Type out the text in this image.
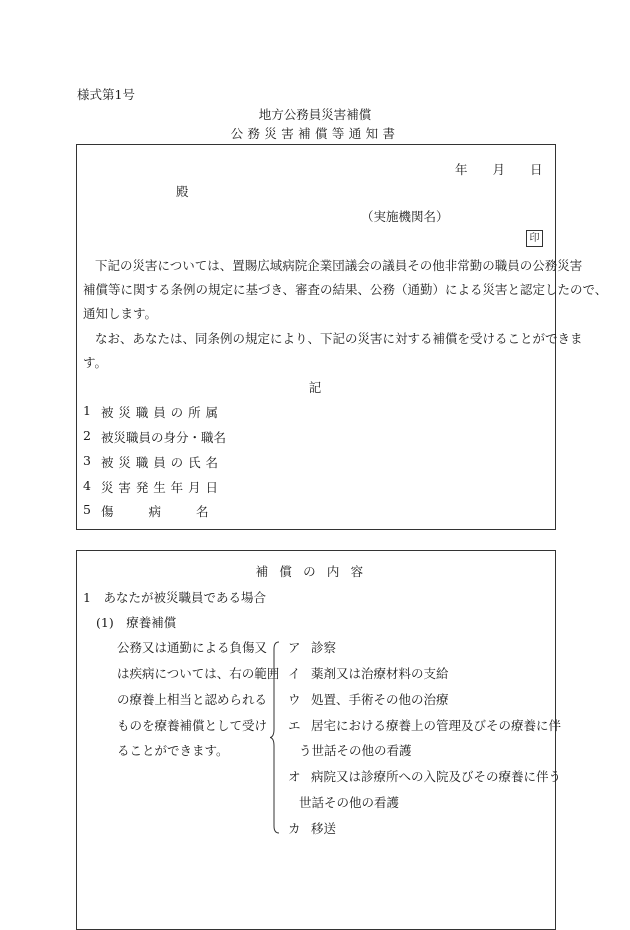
様式第1号
地方公務員災害補償
公務災害補償等通知書
年　　月　　日
殿
（実施機関名）
印
下記の災害については、置賜広域病院企業団議会の議員その他非常勤の職員の公務災害
補償等に関する条例の規定に基づき、審査の結果、公務（通勤）による災害と認定したので、
通知します。
なお、あなたは、同条例の規定により、下記の災害に対する補償を受けることができま
す。
記
1 被災職員の所属
2 被災職員の身分・職名
3 被災職員の氏名
4 災害発生年月日
5 傷　病　名
補償の内容
1　あなたが被災職員である場合
(1)　療養補償
公務又は通勤による負傷又
は疾病については、右の範囲
の療養上相当と認められる
ものを療養補償として受け
ることができます。
ア 診察
イ 薬剤又は治療材料の支給
ウ 処置、手術その他の治療
エ 居宅における療養上の管理及びその療養に伴
う世話その他の看護
オ 病院又は診療所への入院及びその療養に伴う
世話その他の看護
カ 移送
